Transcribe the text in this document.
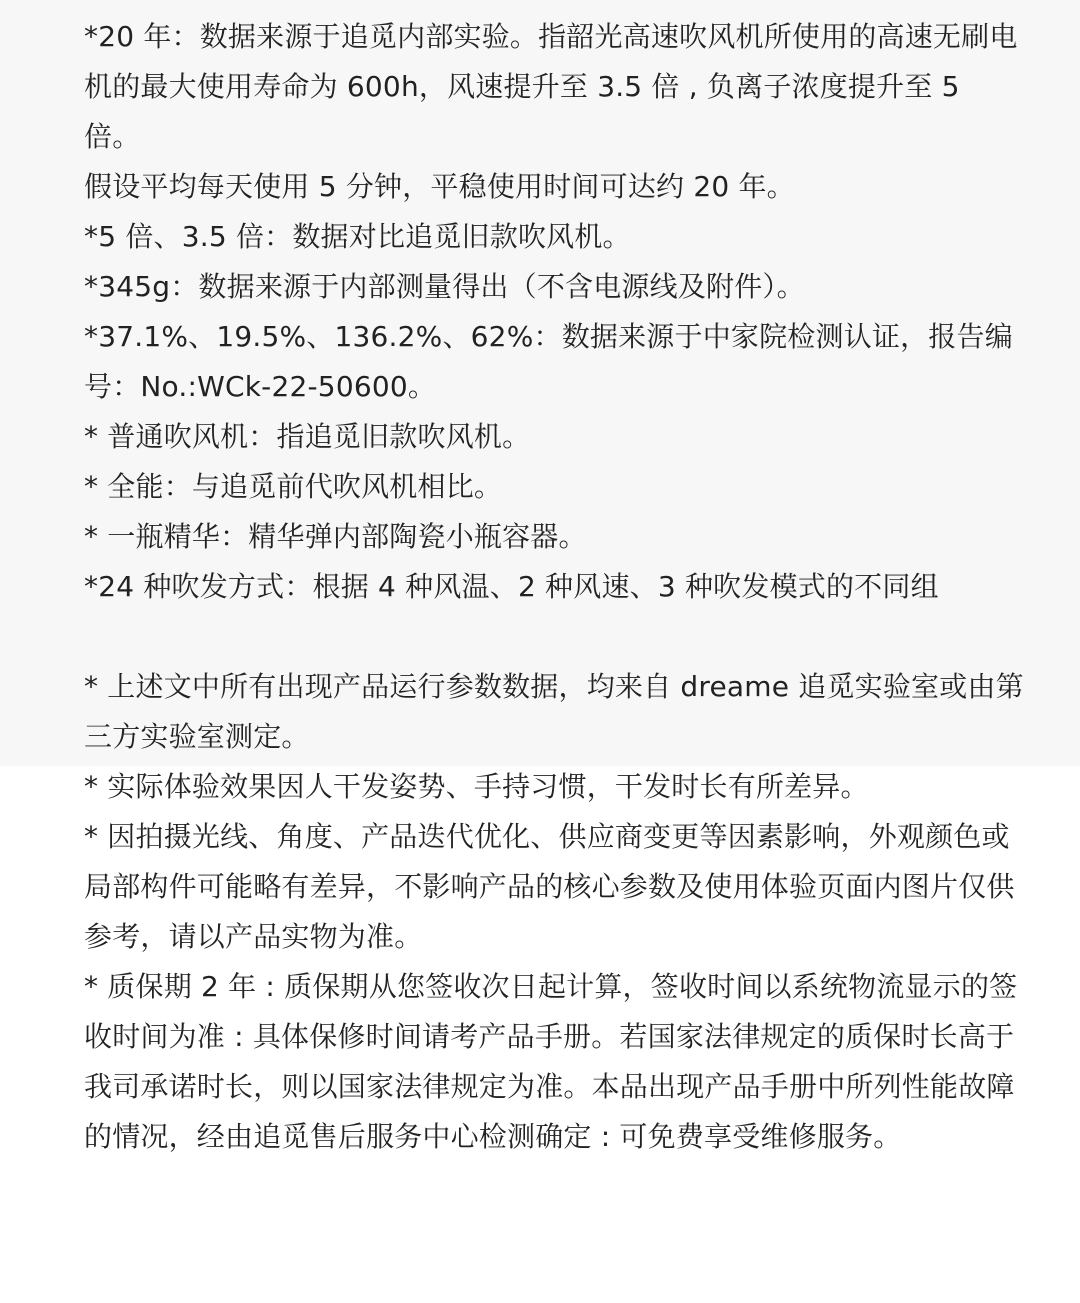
*20 年：数据来源于追觅内部实验。指韶光高速吹风机所使用的高速无刷电机的最大使用寿命为 600h，风速提升至 3.5 倍 , 负离子浓度提升至 5 倍。

假设平均每天使用 5 分钟，平稳使用时间可达约 20 年。

*5 倍、3.5 倍：数据对比追觅旧款吹风机。

*345g：数据来源于内部测量得出（不含电源线及附件）。

*37.1%、19.5%、136.2%、62%：数据来源于中家院检测认证，报告编号：No.:WCk-22-50600。

* 普通吹风机：指追觅旧款吹风机。

* 全能：与追觅前代吹风机相比。

* 一瓶精华：精华弹内部陶瓷小瓶容器。

*24 种吹发方式：根据 4 种风温、2 种风速、3 种吹发模式的不同组

* 上述文中所有出现产品运行参数数据，均来自 dreame 追觅实验室或由第三方实验室测定。

* 实际体验效果因人干发姿势、手持习惯，干发时长有所差异。

* 因拍摄光线、角度、产品迭代优化、供应商变更等因素影响，外观颜色或局部构件可能略有差异，不影响产品的核心参数及使用体验页面内图片仅供参考，请以产品实物为准。

* 质保期 2 年 : 质保期从您签收次日起计算，签收时间以系统物流显示的签收时间为准 : 具体保修时间请考产品手册。若国家法律规定的质保时长高于我司承诺时长，则以国家法律规定为准。本品出现产品手册中所列性能故障的情况，经由追觅售后服务中心检测确定 : 可免费享受维修服务。
